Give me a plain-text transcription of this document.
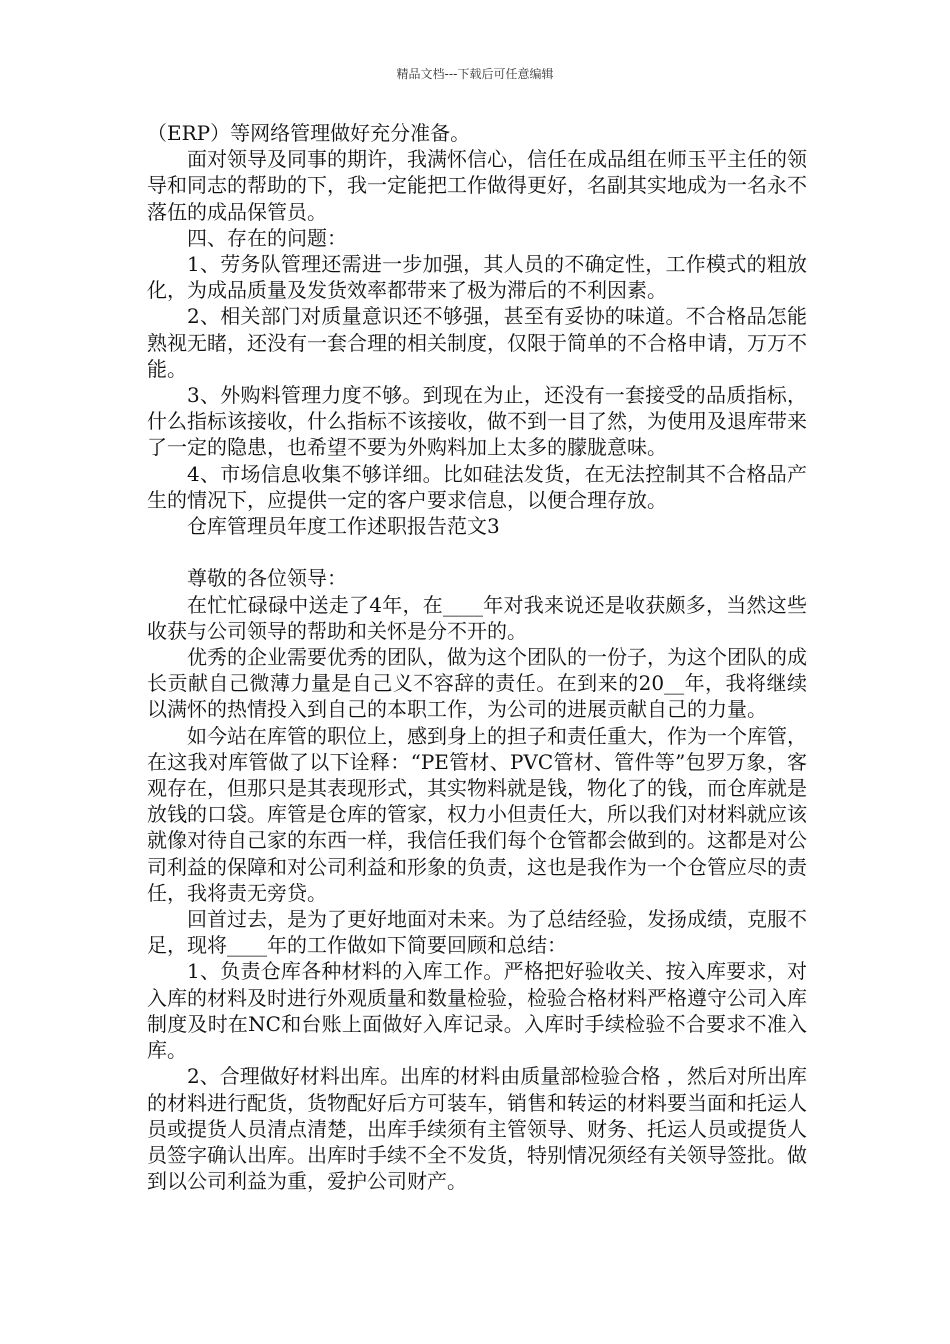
精品文档---下载后可任意编辑

（ERP）等网络管理做好充分准备。

面对领导及同事的期许，我满怀信心，信任在成品组在师玉平主任的领导和同志的帮助的下，我一定能把工作做得更好，名副其实地成为一名永不落伍的成品保管员。

四、存在的问题：

1、劳务队管理还需进一步加强，其人员的不确定性，工作模式的粗放化，为成品质量及发货效率都带来了极为滞后的不利因素。

2、相关部门对质量意识还不够强，甚至有妥协的味道。不合格品怎能熟视无睹，还没有一套合理的相关制度，仅限于简单的不合格申请，万万不能。

3、外购料管理力度不够。到现在为止，还没有一套接受的品质指标，什么指标该接收，什么指标不该接收，做不到一目了然，为使用及退库带来了一定的隐患，也希望不要为外购料加上太多的朦胧意味。

4、市场信息收集不够详细。比如硅法发货，在无法控制其不合格品产生的情况下，应提供一定的客户要求信息，以便合理存放。

仓库管理员年度工作述职报告范文3

尊敬的各位领导：

在忙忙碌碌中送走了4年，在____年对我来说还是收获颇多，当然这些收获与公司领导的帮助和关怀是分不开的。

优秀的企业需要优秀的团队，做为这个团队的一份子，为这个团队的成长贡献自己微薄力量是自己义不容辞的责任。在到来的20__年，我将继续以满怀的热情投入到自己的本职工作，为公司的进展贡献自己的力量。

如今站在库管的职位上，感到身上的担子和责任重大，作为一个库管，在这我对库管做了以下诠释：“PE管材、PVC管材、管件等”包罗万象，客观存在，但那只是其表现形式，其实物料就是钱，物化了的钱，而仓库就是放钱的口袋。库管是仓库的管家，权力小但责任大，所以我们对材料就应该就像对待自己家的东西一样，我信任我们每个仓管都会做到的。这都是对公司利益的保障和对公司利益和形象的负责，这也是我作为一个仓管应尽的责任，我将责无旁贷。

回首过去，是为了更好地面对未来。为了总结经验，发扬成绩，克服不足，现将____年的工作做如下简要回顾和总结：

1、负责仓库各种材料的入库工作。严格把好验收关、按入库要求，对入库的材料及时进行外观质量和数量检验，检验合格材料严格遵守公司入库制度及时在NC和台账上面做好入库记录。入库时手续检验不合要求不准入库。

2、合理做好材料出库。出库的材料由质量部检验合格 ，然后对所出库的材料进行配货，货物配好后方可装车，销售和转运的材料要当面和托运人员或提货人员清点清楚，出库手续须有主管领导、财务、托运人员或提货人员签字确认出库。出库时手续不全不发货，特别情况须经有关领导签批。做到以公司利益为重，爱护公司财产。
